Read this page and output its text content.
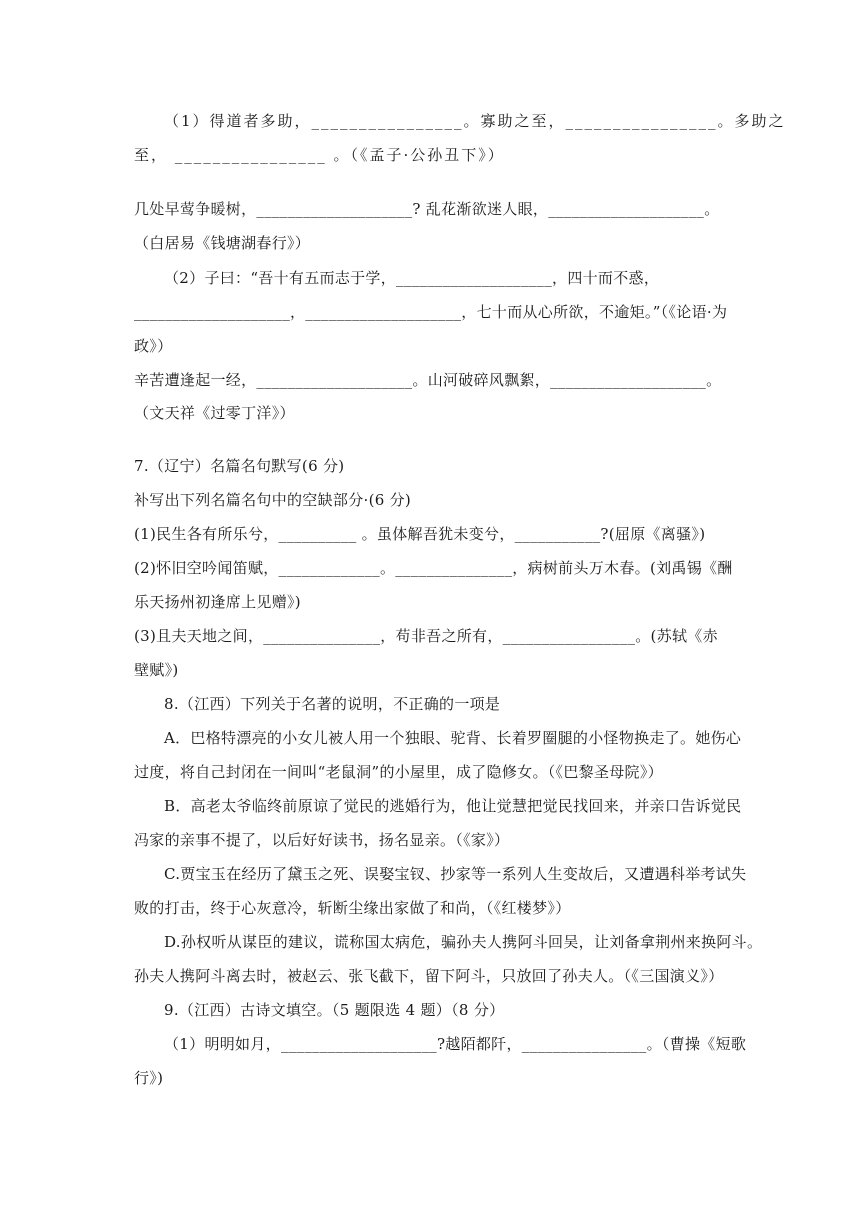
（1）得道者多助，________________。寡助之至，________________。多助之
至， ________________ 。（《孟子·公孙丑下》）
几处早莺争暖树，____________________? 乱花渐欲迷人眼，____________________。
（白居易《钱塘湖春行》）
（2）子曰：“吾十有五而志于学，____________________，四十而不惑，
____________________，____________________，七十而从心所欲，不逾矩。”（《论语·为
政》）
辛苦遭逢起一经，____________________。山河破碎风飘絮，____________________。
（文天祥《过零丁洋》）
7.（辽宁）名篇名句默写(6 分)
补写出下列名篇名句中的空缺部分·(6 分)
(1)民生各有所乐兮，__________ 。虽体解吾犹未变兮，___________?(屈原《离骚》)
(2)怀旧空吟闻笛赋，_____________。_______________，病树前头万木春。(刘禹锡《酬
乐天扬州初逢席上见赠》)
(3)且夫天地之间，_______________，苟非吾之所有，_________________。(苏轼《赤
壁赋》)
8.（江西）下列关于名著的说明，不正确的一项是
A．巴格特漂亮的小女儿被人用一个独眼、驼背、长着罗圈腿的小怪物换走了。她伤心
过度，将自己封闭在一间叫“老鼠洞”的小屋里，成了隐修女。（《巴黎圣母院》）
B．高老太爷临终前原谅了觉民的逃婚行为，他让觉慧把觉民找回来，并亲口告诉觉民
冯家的亲事不提了，以后好好读书，扬名显亲。（《家》）
C.贾宝玉在经历了黛玉之死、误娶宝钗、抄家等一系列人生变故后，又遭遇科举考试失
败的打击，终于心灰意冷，斩断尘缘出家做了和尚，（《红楼梦》）
D.孙权听从谋臣的建议，谎称国太病危，骗孙夫人携阿斗回吴，让刘备拿荆州来换阿斗。
孙夫人携阿斗离去时，被赵云、张飞截下，留下阿斗，只放回了孙夫人。（《三国演义》）
9.（江西）古诗文填空。（5 题限选 4 题）（8 分）
（1）明明如月，____________________?越陌都阡，________________。（曹操《短歌
行》)
